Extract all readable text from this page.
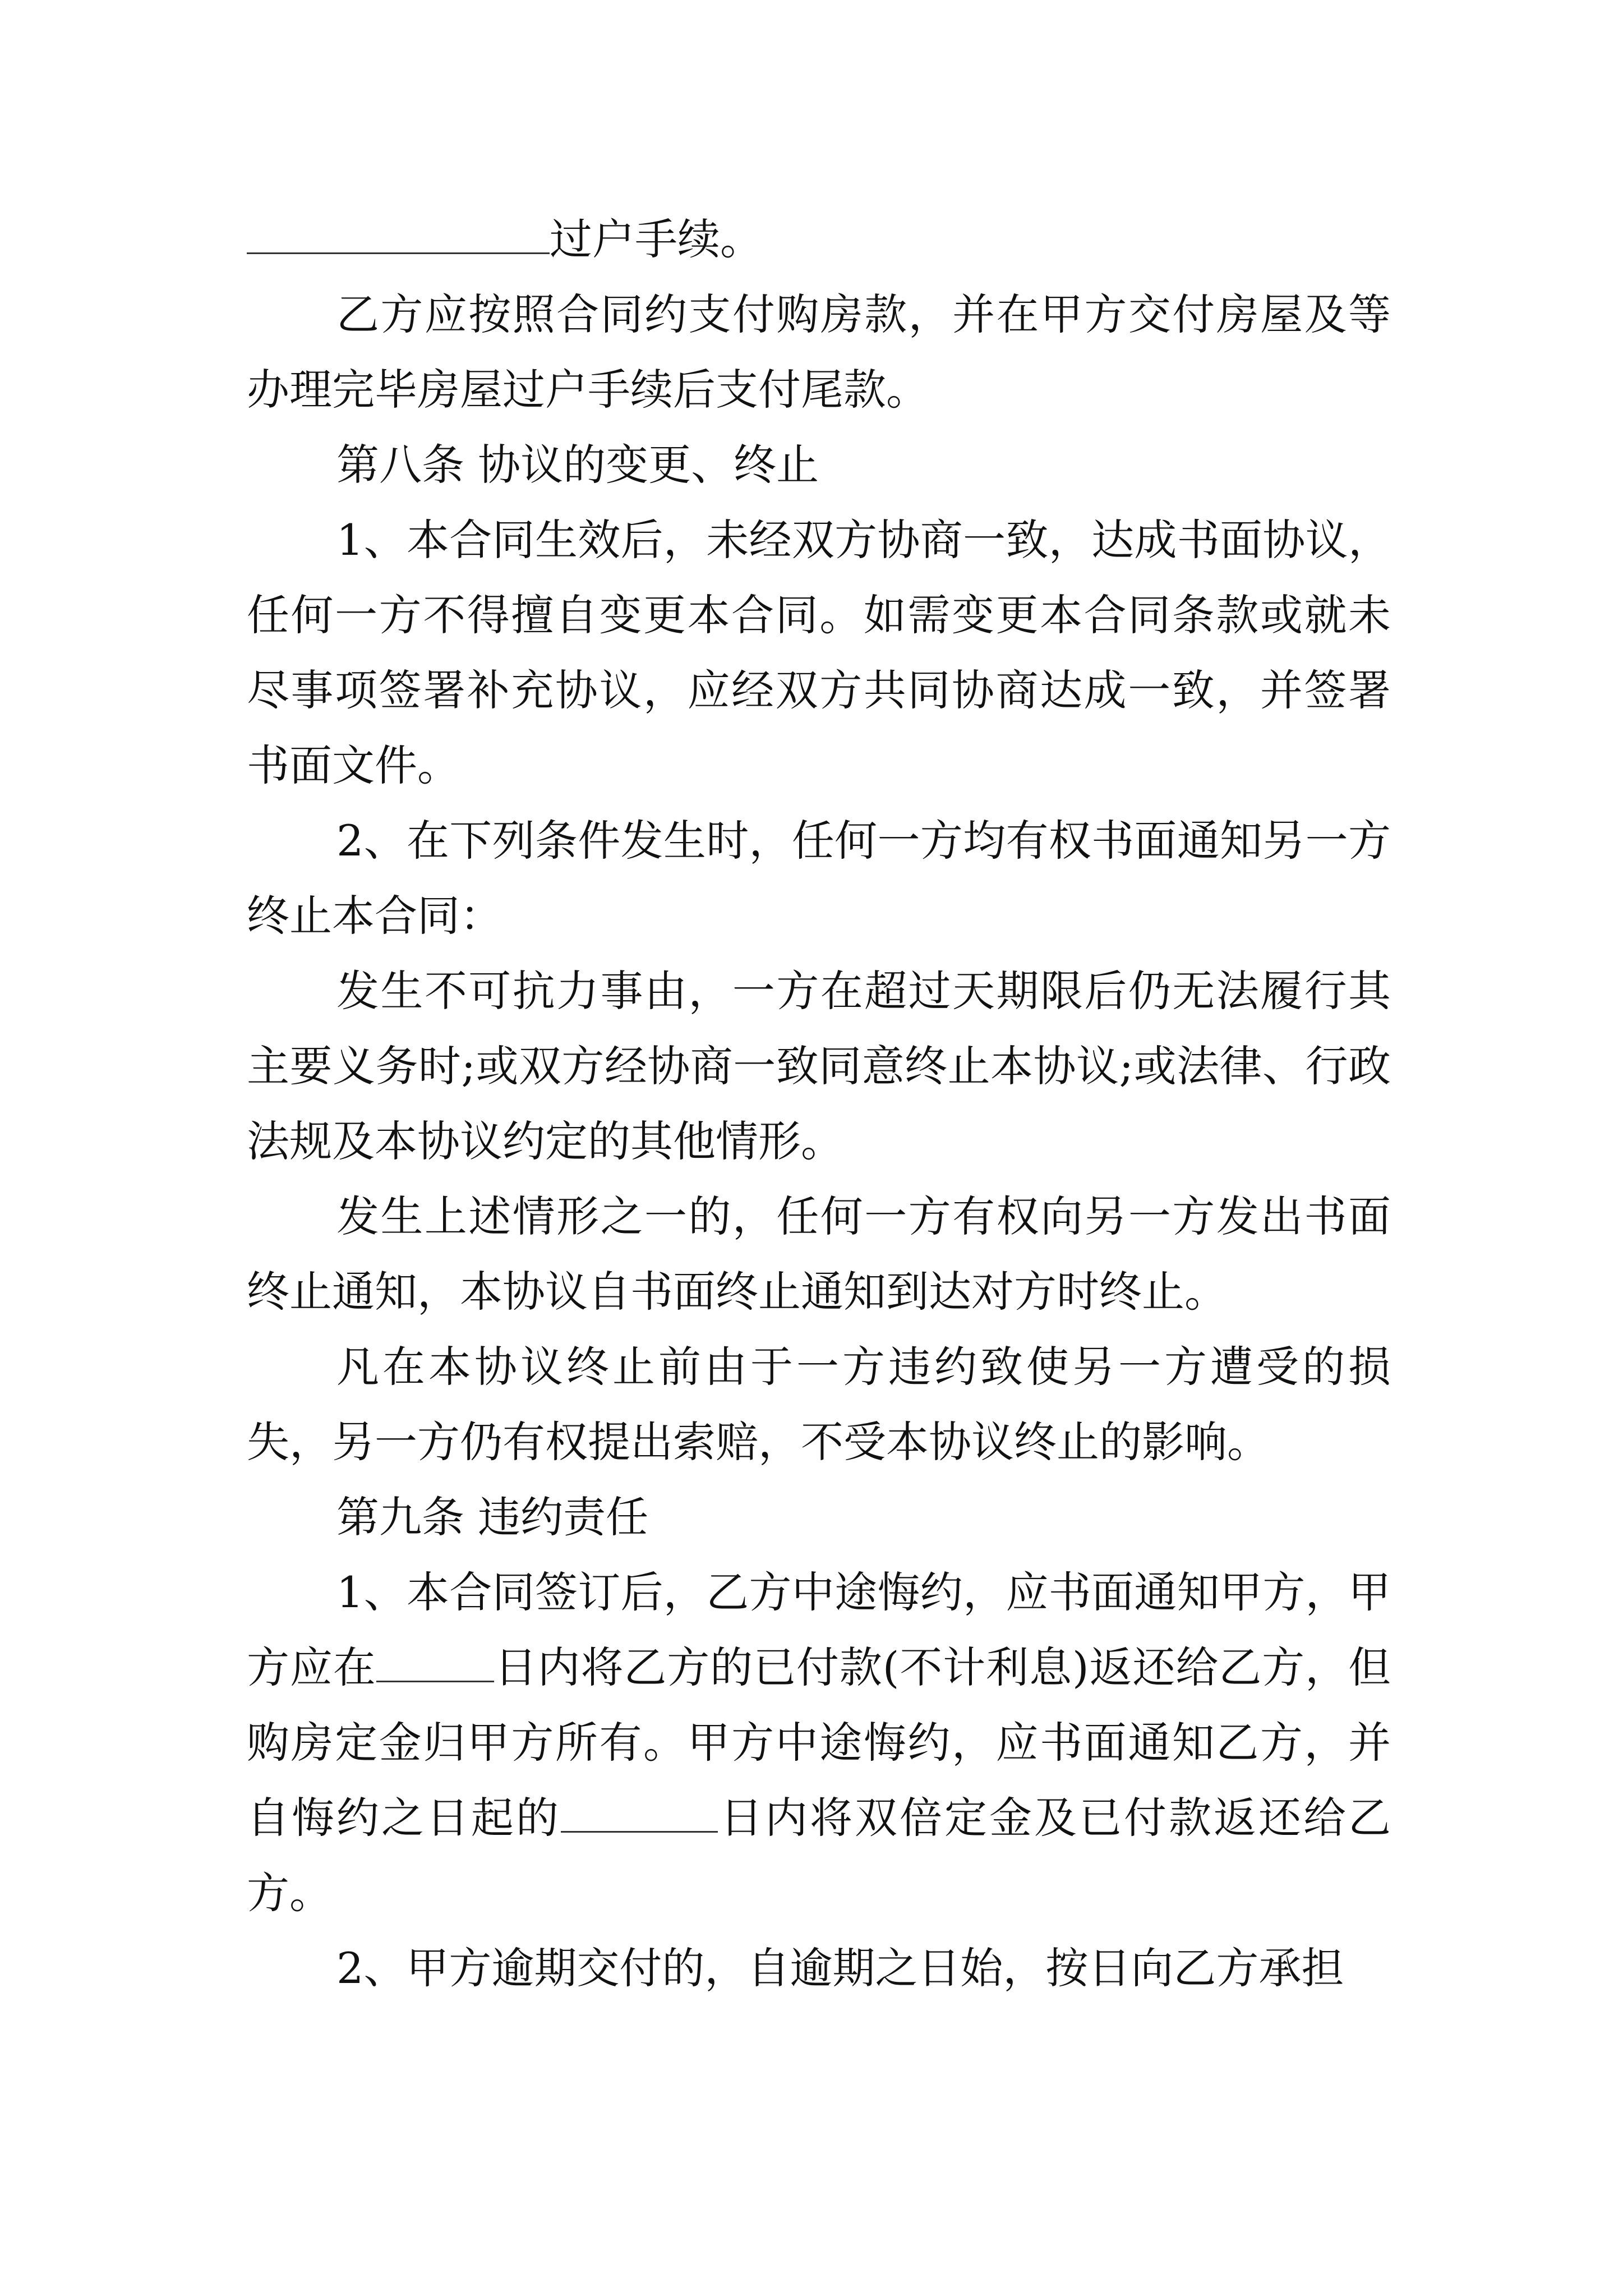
过户手续。

乙方应按照合同约支付购房款，并在甲方交付房屋及等办理完毕房屋过户手续后支付尾款。

第八条 协议的变更、终止

1、本合同生效后，未经双方协商一致，达成书面协议，任何一方不得擅自变更本合同。如需变更本合同条款或就未尽事项签署补充协议，应经双方共同协商达成一致，并签署书面文件。

2、在下列条件发生时，任何一方均有权书面通知另一方终止本合同：

发生不可抗力事由，一方在超过天期限后仍无法履行其主要义务时;或双方经协商一致同意终止本协议;或法律、行政法规及本协议约定的其他情形。

发生上述情形之一的，任何一方有权向另一方发出书面终止通知，本协议自书面终止通知到达对方时终止。

凡在本协议终止前由于一方违约致使另一方遭受的损失，另一方仍有权提出索赔，不受本协议终止的影响。

第九条 违约责任

1、本合同签订后，乙方中途悔约，应书面通知甲方，甲方应在	日内将乙方的已付款(不计利息)返还给乙方，但购房定金归甲方所有。甲方中途悔约，应书面通知乙方，并自悔约之日起的	日内将双倍定金及已付款返还给乙方。

2、甲方逾期交付的，自逾期之日始，按日向乙方承担
